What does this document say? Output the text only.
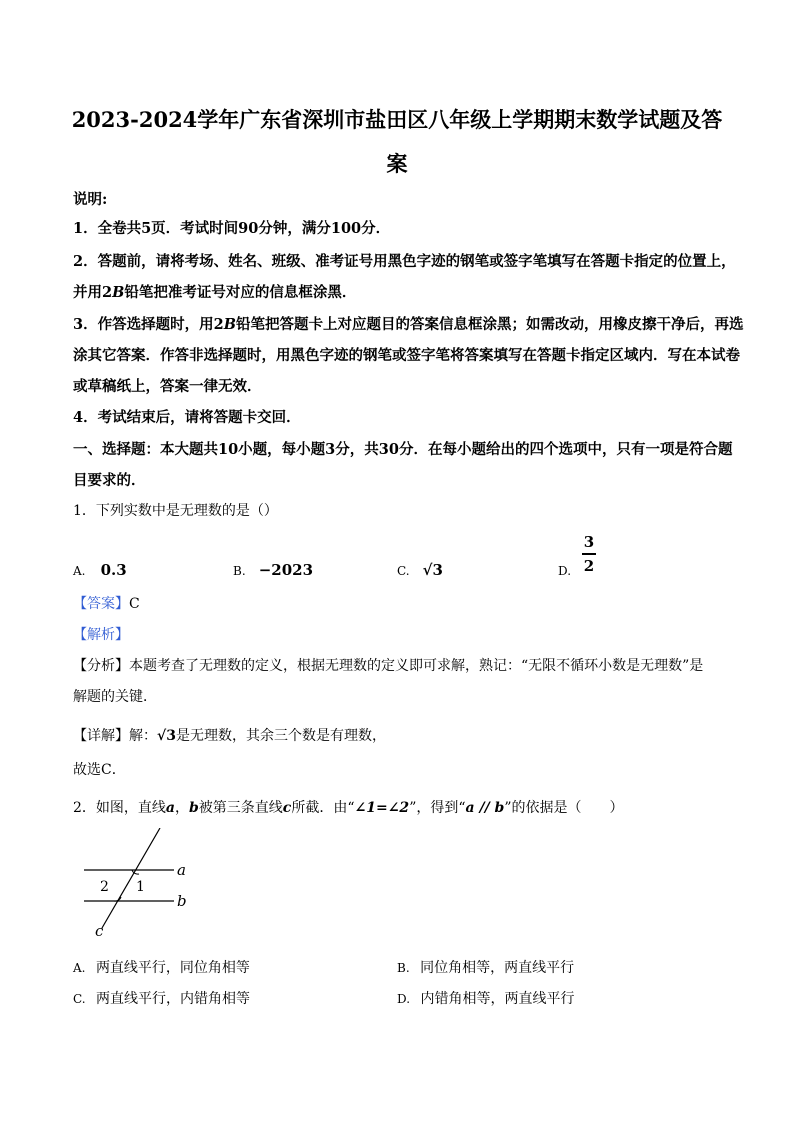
2023-2024学年广东省深圳市盐田区八年级上学期期末数学试题及答
案
说明:
1．全卷共5页．考试时间90分钟，满分100分．
2．答题前，请将考场、姓名、班级、准考证号用黑色字迹的钢笔或签字笔填写在答题卡指定的位置上，
并用2B铅笔把准考证号对应的信息框涂黑．
3．作答选择题时，用2B铅笔把答题卡上对应题目的答案信息框涂黑；如需改动，用橡皮擦干净后，再选
涂其它答案．作答非选择题时，用黑色字迹的钢笔或签字笔将答案填写在答题卡指定区域内．写在本试卷
或草稿纸上，答案一律无效．
4．考试结束后，请将答题卡交回．
一、选择题：本大题共10小题，每小题3分，共30分．在每小题给出的四个选项中，只有一项是符合题
目要求的．
1．下列实数中是无理数的是（）
A. 0.3	B. −2023	C. √3	D.
3
2
【答案】C
【解析】
【分析】本题考查了无理数的定义，根据无理数的定义即可求解，熟记：“无限不循环小数是无理数”是
解题的关键．
【详解】解：√3是无理数，其余三个数是有理数，
故选C．
2．如图，直线a，b被第三条直线c所截．由“∠1=∠2”，得到“a // b”的依据是（　　）
a
b
c
1
2
A. 两直线平行，同位角相等	B. 同位角相等，两直线平行
C. 两直线平行，内错角相等	D. 内错角相等，两直线平行
